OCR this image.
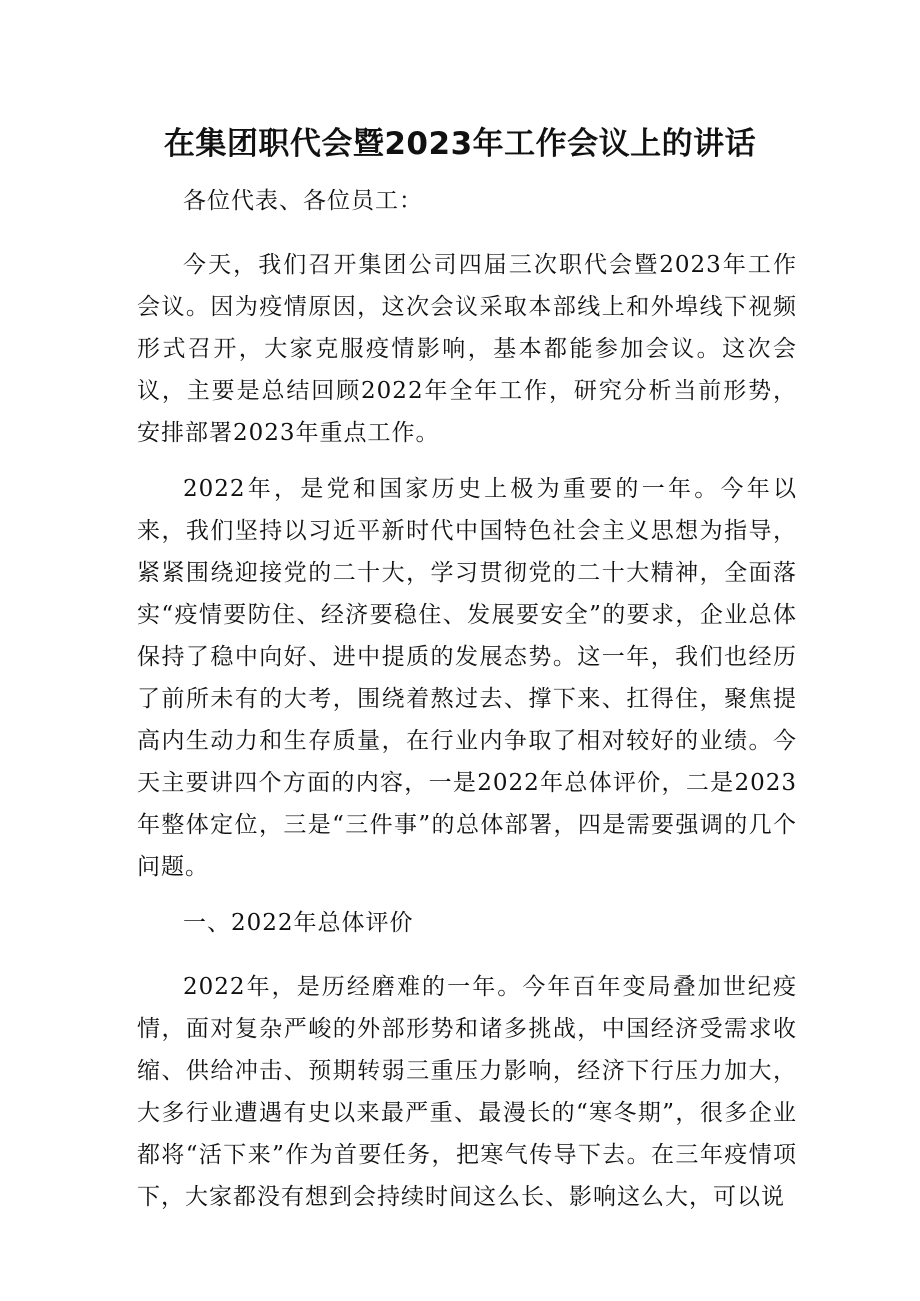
在集团职代会暨2023年工作会议上的讲话

各位代表、各位员工：

今天，我们召开集团公司四届三次职代会暨2023年工作会议。因为疫情原因，这次会议采取本部线上和外埠线下视频形式召开，大家克服疫情影响，基本都能参加会议。这次会议，主要是总结回顾2022年全年工作，研究分析当前形势，安排部署2023年重点工作。

2022年，是党和国家历史上极为重要的一年。今年以来，我们坚持以习近平新时代中国特色社会主义思想为指导，紧紧围绕迎接党的二十大，学习贯彻党的二十大精神，全面落实“疫情要防住、经济要稳住、发展要安全”的要求，企业总体保持了稳中向好、进中提质的发展态势。这一年，我们也经历了前所未有的大考，围绕着熬过去、撑下来、扛得住，聚焦提高内生动力和生存质量，在行业内争取了相对较好的业绩。今天主要讲四个方面的内容，一是2022年总体评价，二是2023年整体定位，三是“三件事”的总体部署，四是需要强调的几个问题。

一、2022年总体评价

2022年，是历经磨难的一年。今年百年变局叠加世纪疫情，面对复杂严峻的外部形势和诸多挑战，中国经济受需求收缩、供给冲击、预期转弱三重压力影响，经济下行压力加大，大多行业遭遇有史以来最严重、最漫长的“寒冬期”，很多企业都将“活下来”作为首要任务，把寒气传导下去。在三年疫情项下，大家都没有想到会持续时间这么长、影响这么大，可以说
